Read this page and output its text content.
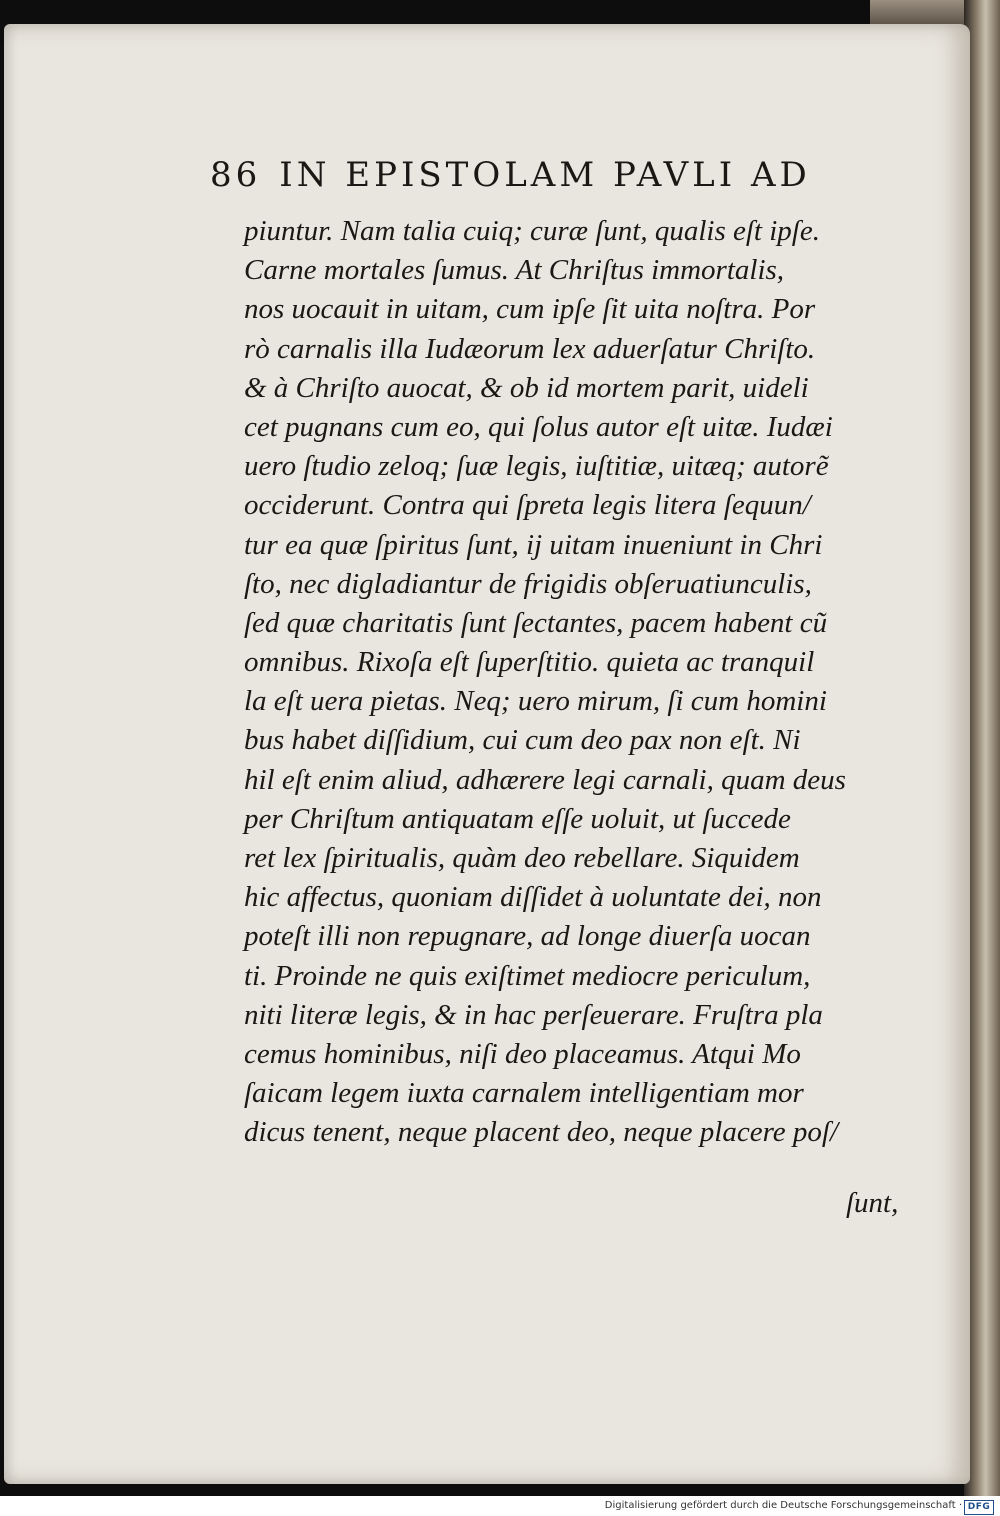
86 IN EPISTOLAM PAVLI AD
piuntur. Nam talia cuiq; curæ ſunt, qualis eſt ipſe.
Carne mortales ſumus. At Chriſtus immortalis,
nos uocauit in uitam, cum ipſe ſit uita noſtra. Por
rò carnalis illa Iudæorum lex aduerſatur Chriſto.
& à Chriſto auocat, & ob id mortem parit, uideli
cet pugnans cum eo, qui ſolus autor eſt uitæ. Iudæi
uero ſtudio zeloq; ſuæ legis, iuſtitiæ, uitæq; autorẽ
occiderunt. Contra qui ſpreta legis litera ſequun/
tur ea quæ ſpiritus ſunt, ij uitam inueniunt in Chri
ſto, nec digladiantur de frigidis obſeruatiunculis,
ſed quæ charitatis ſunt ſectantes, pacem habent cũ
omnibus. Rixoſa eſt ſuperſtitio. quieta ac tranquil
la eſt uera pietas. Neq; uero mirum, ſi cum homini
bus habet diſſidium, cui cum deo pax non eſt. Ni
hil eſt enim aliud, adhærere legi carnali, quam deus
per Chriſtum antiquatam eſſe uoluit, ut ſuccede
ret lex ſpiritualis, quàm deo rebellare. Siquidem
hic affectus, quoniam diſſidet à uoluntate dei, non
poteſt illi non repugnare, ad longe diuerſa uocan
ti. Proinde ne quis exiſtimet mediocre periculum,
niti literæ legis, & in hac perſeuerare. Fruſtra pla
cemus hominibus, niſi deo placeamus. Atqui Mo
ſaicam legem iuxta carnalem intelligentiam mor
dicus tenent, neque placent deo, neque placere poſ/
ſunt,
Digitalisierung gefördert durch die Deutsche Forschungsgemeinschaft · DFG
